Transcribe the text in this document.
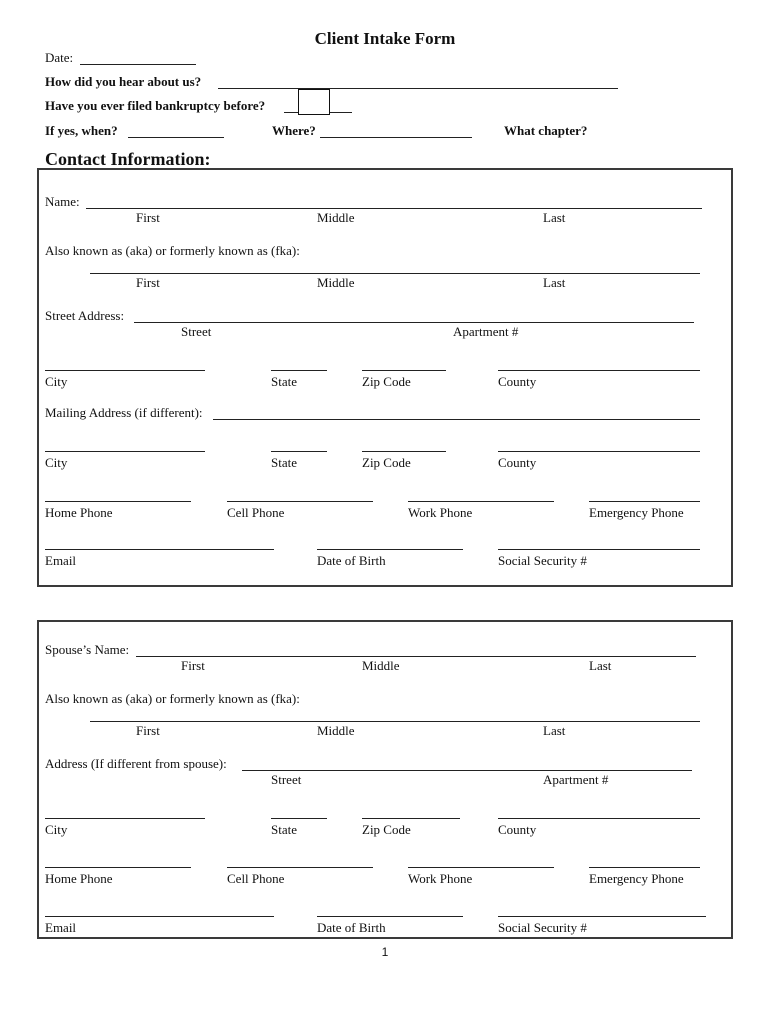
Client Intake Form
Date:
How did you hear about us?
Have you ever filed bankruptcy before?
If yes, when?	Where?	What chapter?
Contact Information:
Name:
First	Middle	Last
Also known as (aka) or formerly known as (fka):
First	Middle	Last
Street Address:
Street	Apartment #
City	State	Zip Code	County
Mailing Address (if different):
City	State	Zip Code	County
Home Phone	Cell Phone	Work Phone	Emergency Phone
Email	Date of Birth	Social Security #
Spouse’s Name:
First	Middle	Last
Also known as (aka) or formerly known as (fka):
First	Middle	Last
Address (If different from spouse):
Street	Apartment #
City	State	Zip Code	County
Home Phone	Cell Phone	Work Phone	Emergency Phone
Email	Date of Birth	Social Security #
1
